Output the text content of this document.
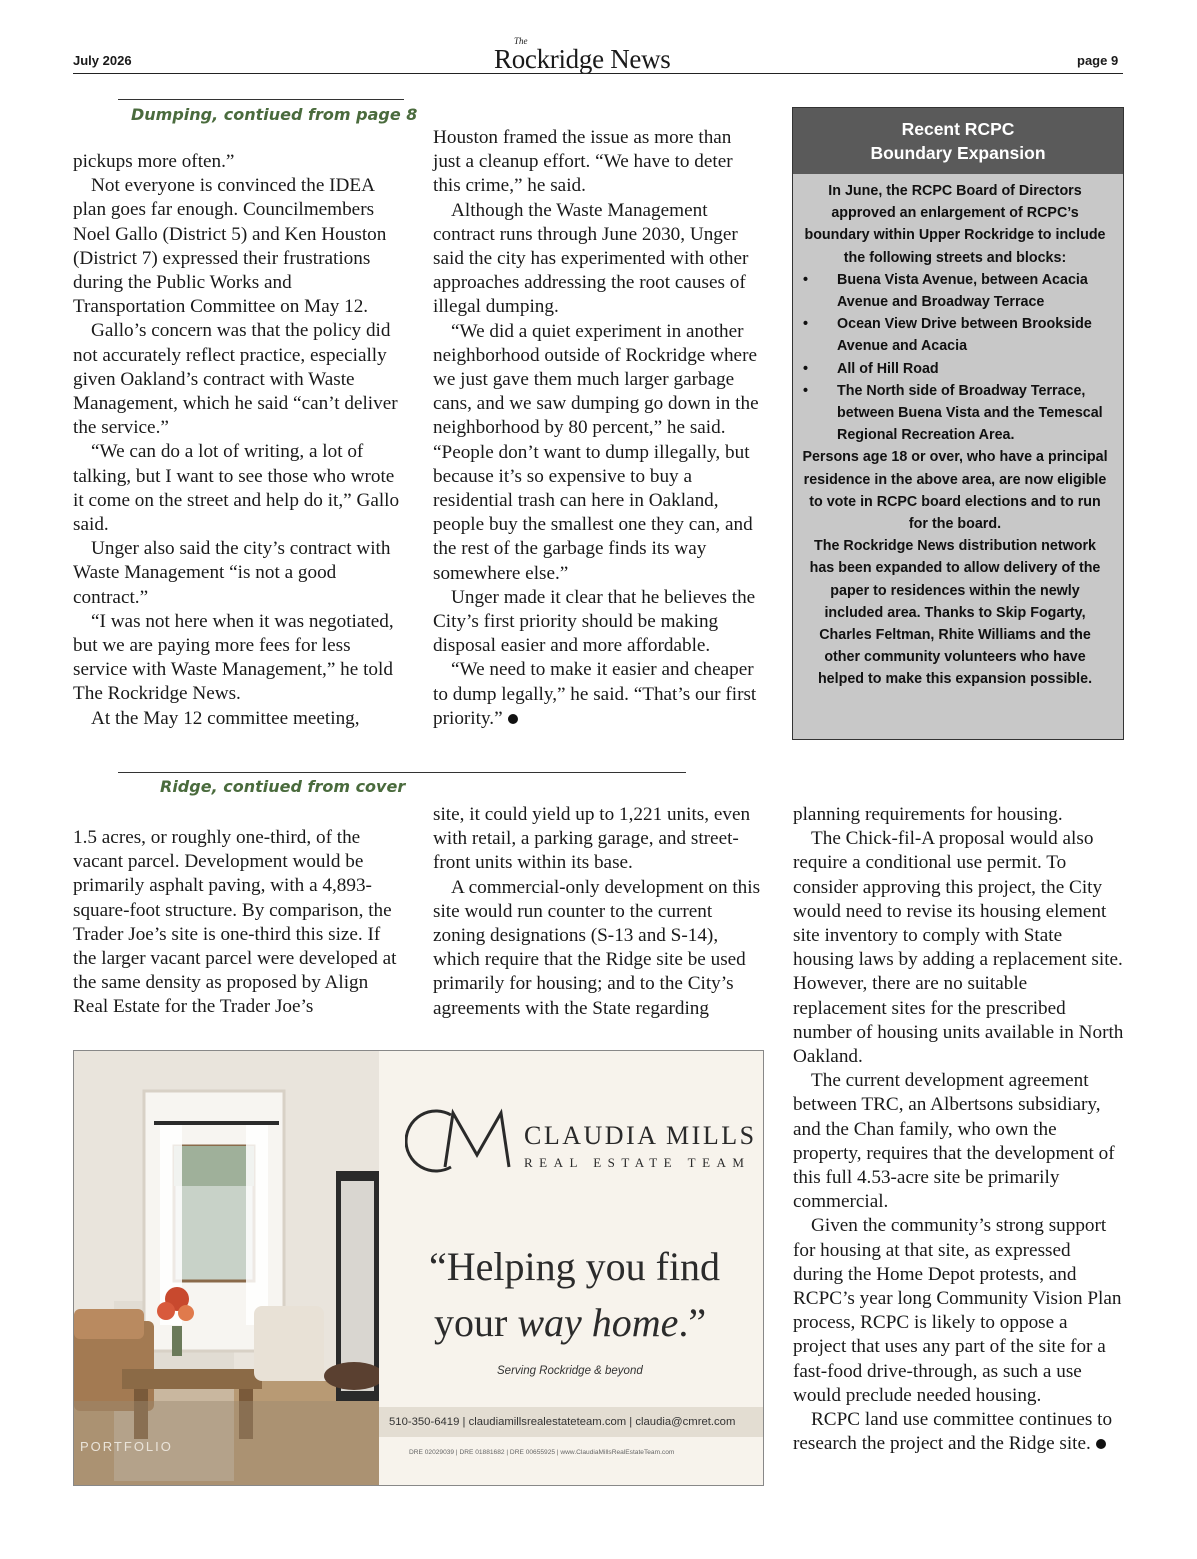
July 2026
The
Rockridge News	page 9
Dumping, contiued from page 8

pickups more often.”

Not everyone is convinced the IDEA plan goes far enough. Councilmembers Noel Gallo (District 5) and Ken Houston (District 7) expressed their frustrations during the Public Works and Transportation Committee on May 12.

Gallo’s concern was that the policy did not accurately reflect practice, especially given Oakland’s contract with Waste Management, which he said “can’t deliver the service.”

“We can do a lot of writing, a lot of talking, but I want to see those who wrote it come on the street and help do it,” Gallo said.

Unger also said the city’s contract with Waste Management “is not a good contract.”

“I was not here when it was negotiated, but we are paying more fees for less service with Waste Management,” he told The Rockridge News.

At the May 12 committee meeting,

Houston framed the issue as more than just a cleanup effort. “We have to deter this crime,” he said.

Although the Waste Management contract runs through June 2030, Unger said the city has experimented with other approaches addressing the root causes of illegal dumping.

“We did a quiet experiment in another neighborhood outside of Rockridge where we just gave them much larger garbage cans, and we saw dumping go down in the neighborhood by 80 percent,” he said. “People don’t want to dump illegally, but because it’s so expensive to buy a residential trash can here in Oakland, people buy the smallest one they can, and the rest of the garbage finds its way somewhere else.”

Unger made it clear that he believes the City’s first priority should be making disposal easier and more affordable.

“We need to make it easier and cheaper to dump legally,” he said. “That’s our first priority.”

Recent RCPC
Boundary Expansion
In June, the RCPC Board of Directors approved an enlargement of RCPC’s boundary within Upper Rockridge to include the following streets and blocks:
• Buena Vista Avenue, between Acacia Avenue and Broadway Terrace
• Ocean View Drive between Brookside Avenue and Acacia
• All of Hill Road
• The North side of Broadway Terrace, between Buena Vista and the Temescal Regional Recreation Area.
Persons age 18 or over, who have a principal residence in the above area, are now eligible to vote in RCPC board elections and to run for the board.
The Rockridge News distribution network has been expanded to allow delivery of the paper to residences within the newly included area. Thanks to Skip Fogarty, Charles Feltman, Rhite Williams and the other community volunteers who have helped to make this expansion possible.
Ridge, contiued from cover

1.5 acres, or roughly one-third, of the vacant parcel. Development would be primarily asphalt paving, with a 4,893-square-foot structure. By comparison, the Trader Joe’s site is one-third this size. If the larger vacant parcel were developed at the same density as proposed by Align Real Estate for the Trader Joe’s

site, it could yield up to 1,221 units, even with retail, a parking garage, and street-front units within its base.

A commercial-only development on this site would run counter to the current zoning designations (S-13 and S-14), which require that the Ridge site be used primarily for housing; and to the City’s agreements with the State regarding

planning requirements for housing.

The Chick-fil-A proposal would also require a conditional use permit. To consider approving this project, the City would need to revise its housing element site inventory to comply with State housing laws by adding a replacement site. However, there are no suitable replacement sites for the prescribed number of housing units available in North Oakland.

The current development agreement between TRC, an Albertsons subsidiary, and the Chan family, who own the property, requires that the development of this full 4.53-acre site be primarily commercial.

Given the community’s strong support for housing at that site, as expressed during the Home Depot protests, and RCPC’s year long Community Vision Plan process, RCPC is likely to oppose a project that uses any part of the site for a fast-food drive-through, as such a use would preclude needed housing.

RCPC land use committee continues to research the project and the Ridge site.

PORTFOLIO
CLAUDIA MILLS
REAL ESTATE TEAM
“Helping you find
your way home.”
Serving Rockridge & beyond
510-350-6419 | claudiamillsrealestateteam.com | claudia@cmret.com
DRE 02029039 | DRE 01881682 | DRE 00655925 | www.ClaudiaMillsRealEstateTeam.com
